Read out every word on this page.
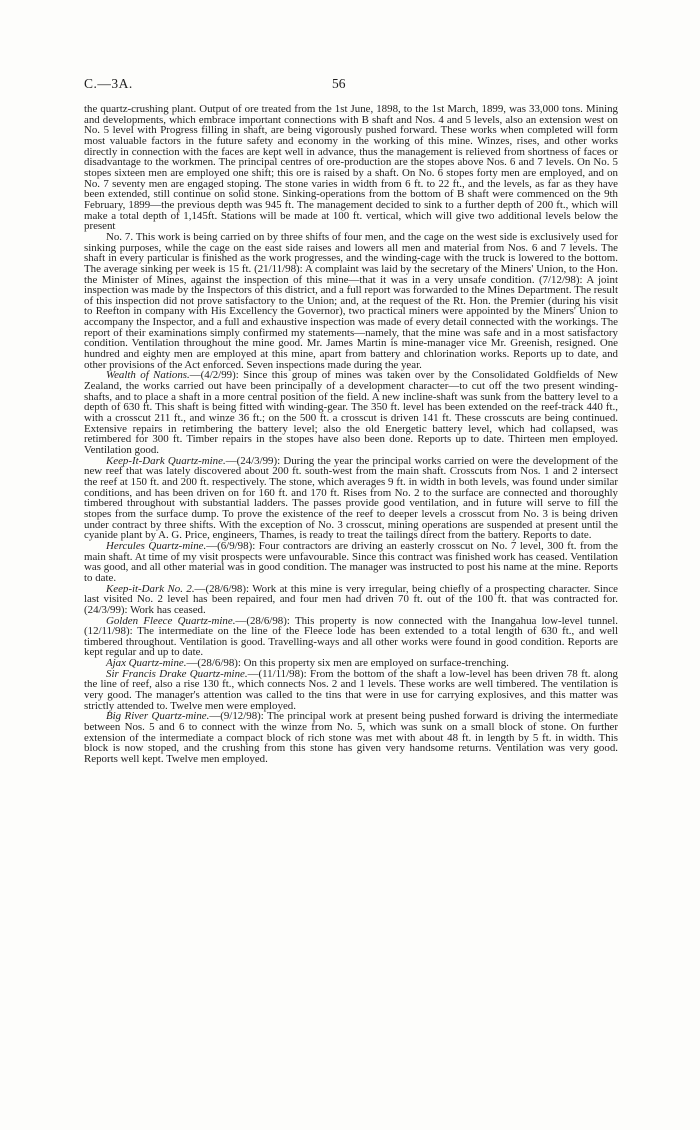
C.—3A.	56

the quartz-crushing plant. Output of ore treated from the 1st June, 1898, to the 1st March, 1899, was 33,000 tons. Mining and developments, which embrace important connections with B shaft and Nos. 4 and 5 levels, also an extension west on No. 5 level with Progress filling in shaft, are being vigorously pushed forward. These works when completed will form most valuable factors in the future safety and economy in the working of this mine. Winzes, rises, and other works directly in connection with the faces are kept well in advance, thus the management is relieved from shortness of faces or disadvantage to the workmen. The principal centres of ore-production are the stopes above Nos. 6 and 7 levels. On No. 5 stopes sixteen men are employed one shift; this ore is raised by a shaft. On No. 6 stopes forty men are employed, and on No. 7 seventy men are engaged stoping. The stone varies in width from 6 ft. to 22 ft., and the levels, as far as they have been extended, still continue on solid stone. Sinking-operations from the bottom of B shaft were commenced on the 9th February, 1899—the previous depth was 945 ft. The management decided to sink to a further depth of 200 ft., which will make a total depth of 1,145ft. Stations will be made at 100 ft. vertical, which will give two additional levels below the present

No. 7. This work is being carried on by three shifts of four men, and the cage on the west side is exclusively used for sinking purposes, while the cage on the east side raises and lowers all men and material from Nos. 6 and 7 levels. The shaft in every particular is finished as the work progresses, and the winding-cage with the truck is lowered to the bottom. The average sinking per week is 15 ft. (21/11/98): A complaint was laid by the secretary of the Miners' Union, to the Hon. the Minister of Mines, against the inspection of this mine—that it was in a very unsafe condition. (7/12/98): A joint inspection was made by the Inspectors of this district, and a full report was forwarded to the Mines Department. The result of this inspection did not prove satisfactory to the Union; and, at the request of the Rt. Hon. the Premier (during his visit to Reefton in company with His Excellency the Governor), two practical miners were appointed by the Miners' Union to accompany the Inspector, and a full and exhaustive inspection was made of every detail connected with the workings. The report of their examinations simply confirmed my statements—namely, that the mine was safe and in a most satisfactory condition. Ventilation throughout the mine good. Mr. James Martin is mine-manager vice Mr. Greenish, resigned. One hundred and eighty men are employed at this mine, apart from battery and chlorination works. Reports up to date, and other provisions of the Act enforced. Seven inspections made during the year.

Wealth of Nations.—(4/2/99): Since this group of mines was taken over by the Consolidated Goldfields of New Zealand, the works carried out have been principally of a development character—to cut off the two present winding-shafts, and to place a shaft in a more central position of the field. A new incline-shaft was sunk from the battery level to a depth of 630 ft. This shaft is being fitted with winding-gear. The 350 ft. level has been extended on the reef-track 440 ft., with a crosscut 211 ft., and winze 36 ft.; on the 500 ft. a crosscut is driven 141 ft. These crosscuts are being continued. Extensive repairs in retimbering the battery level; also the old Energetic battery level, which had collapsed, was retimbered for 300 ft. Timber repairs in the stopes have also been done. Reports up to date. Thirteen men employed. Ventilation good.

Keep-It-Dark Quartz-mine.—(24/3/99): During the year the principal works carried on were the development of the new reef that was lately discovered about 200 ft. south-west from the main shaft. Crosscuts from Nos. 1 and 2 intersect the reef at 150 ft. and 200 ft. respectively. The stone, which averages 9 ft. in width in both levels, was found under similar conditions, and has been driven on for 160 ft. and 170 ft. Rises from No. 2 to the surface are connected and thoroughly timbered throughout with substantial ladders. The passes provide good ventilation, and in future will serve to fill the stopes from the surface dump. To prove the existence of the reef to deeper levels a crosscut from No. 3 is being driven under contract by three shifts. With the exception of No. 3 crosscut, mining operations are suspended at present until the cyanide plant by A. G. Price, engineers, Thames, is ready to treat the tailings direct from the battery. Reports to date.

Hercules Quartz-mine.—(6/9/98): Four contractors are driving an easterly crosscut on No. 7 level, 300 ft. from the main shaft. At time of my visit prospects were unfavourable. Since this contract was finished work has ceased. Ventilation was good, and all other material was in good condition. The manager was instructed to post his name at the mine. Reports to date.

Keep-it-Dark No. 2.—(28/6/98): Work at this mine is very irregular, being chiefly of a prospecting character. Since last visited No. 2 level has been repaired, and four men had driven 70 ft. out of the 100 ft. that was contracted for. (24/3/99): Work has ceased.

Golden Fleece Quartz-mine.—(28/6/98): This property is now connected with the Inangahua low-level tunnel. (12/11/98): The intermediate on the line of the Fleece lode has been extended to a total length of 630 ft., and well timbered throughout. Ventilation is good. Travelling-ways and all other works were found in good condition. Reports are kept regular and up to date.

Ajax Quartz-mine.—(28/6/98): On this property six men are employed on surface-trenching.

Sir Francis Drake Quartz-mine.—(11/11/98): From the bottom of the shaft a low-level has been driven 78 ft. along the line of reef, also a rise 130 ft., which connects Nos. 2 and 1 levels. These works are well timbered. The ventilation is very good. The manager's attention was called to the tins that were in use for carrying explosives, and this matter was strictly attended to. Twelve men were employed.

Big River Quartz-mine.—(9/12/98): The principal work at present being pushed forward is driving the intermediate between Nos. 5 and 6 to connect with the winze from No. 5, which was sunk on a small block of stone. On further extension of the intermediate a compact block of rich stone was met with about 48 ft. in length by 5 ft. in width. This block is now stoped, and the crushing from this stone has given very handsome returns. Ventilation was very good. Reports well kept. Twelve men employed.
